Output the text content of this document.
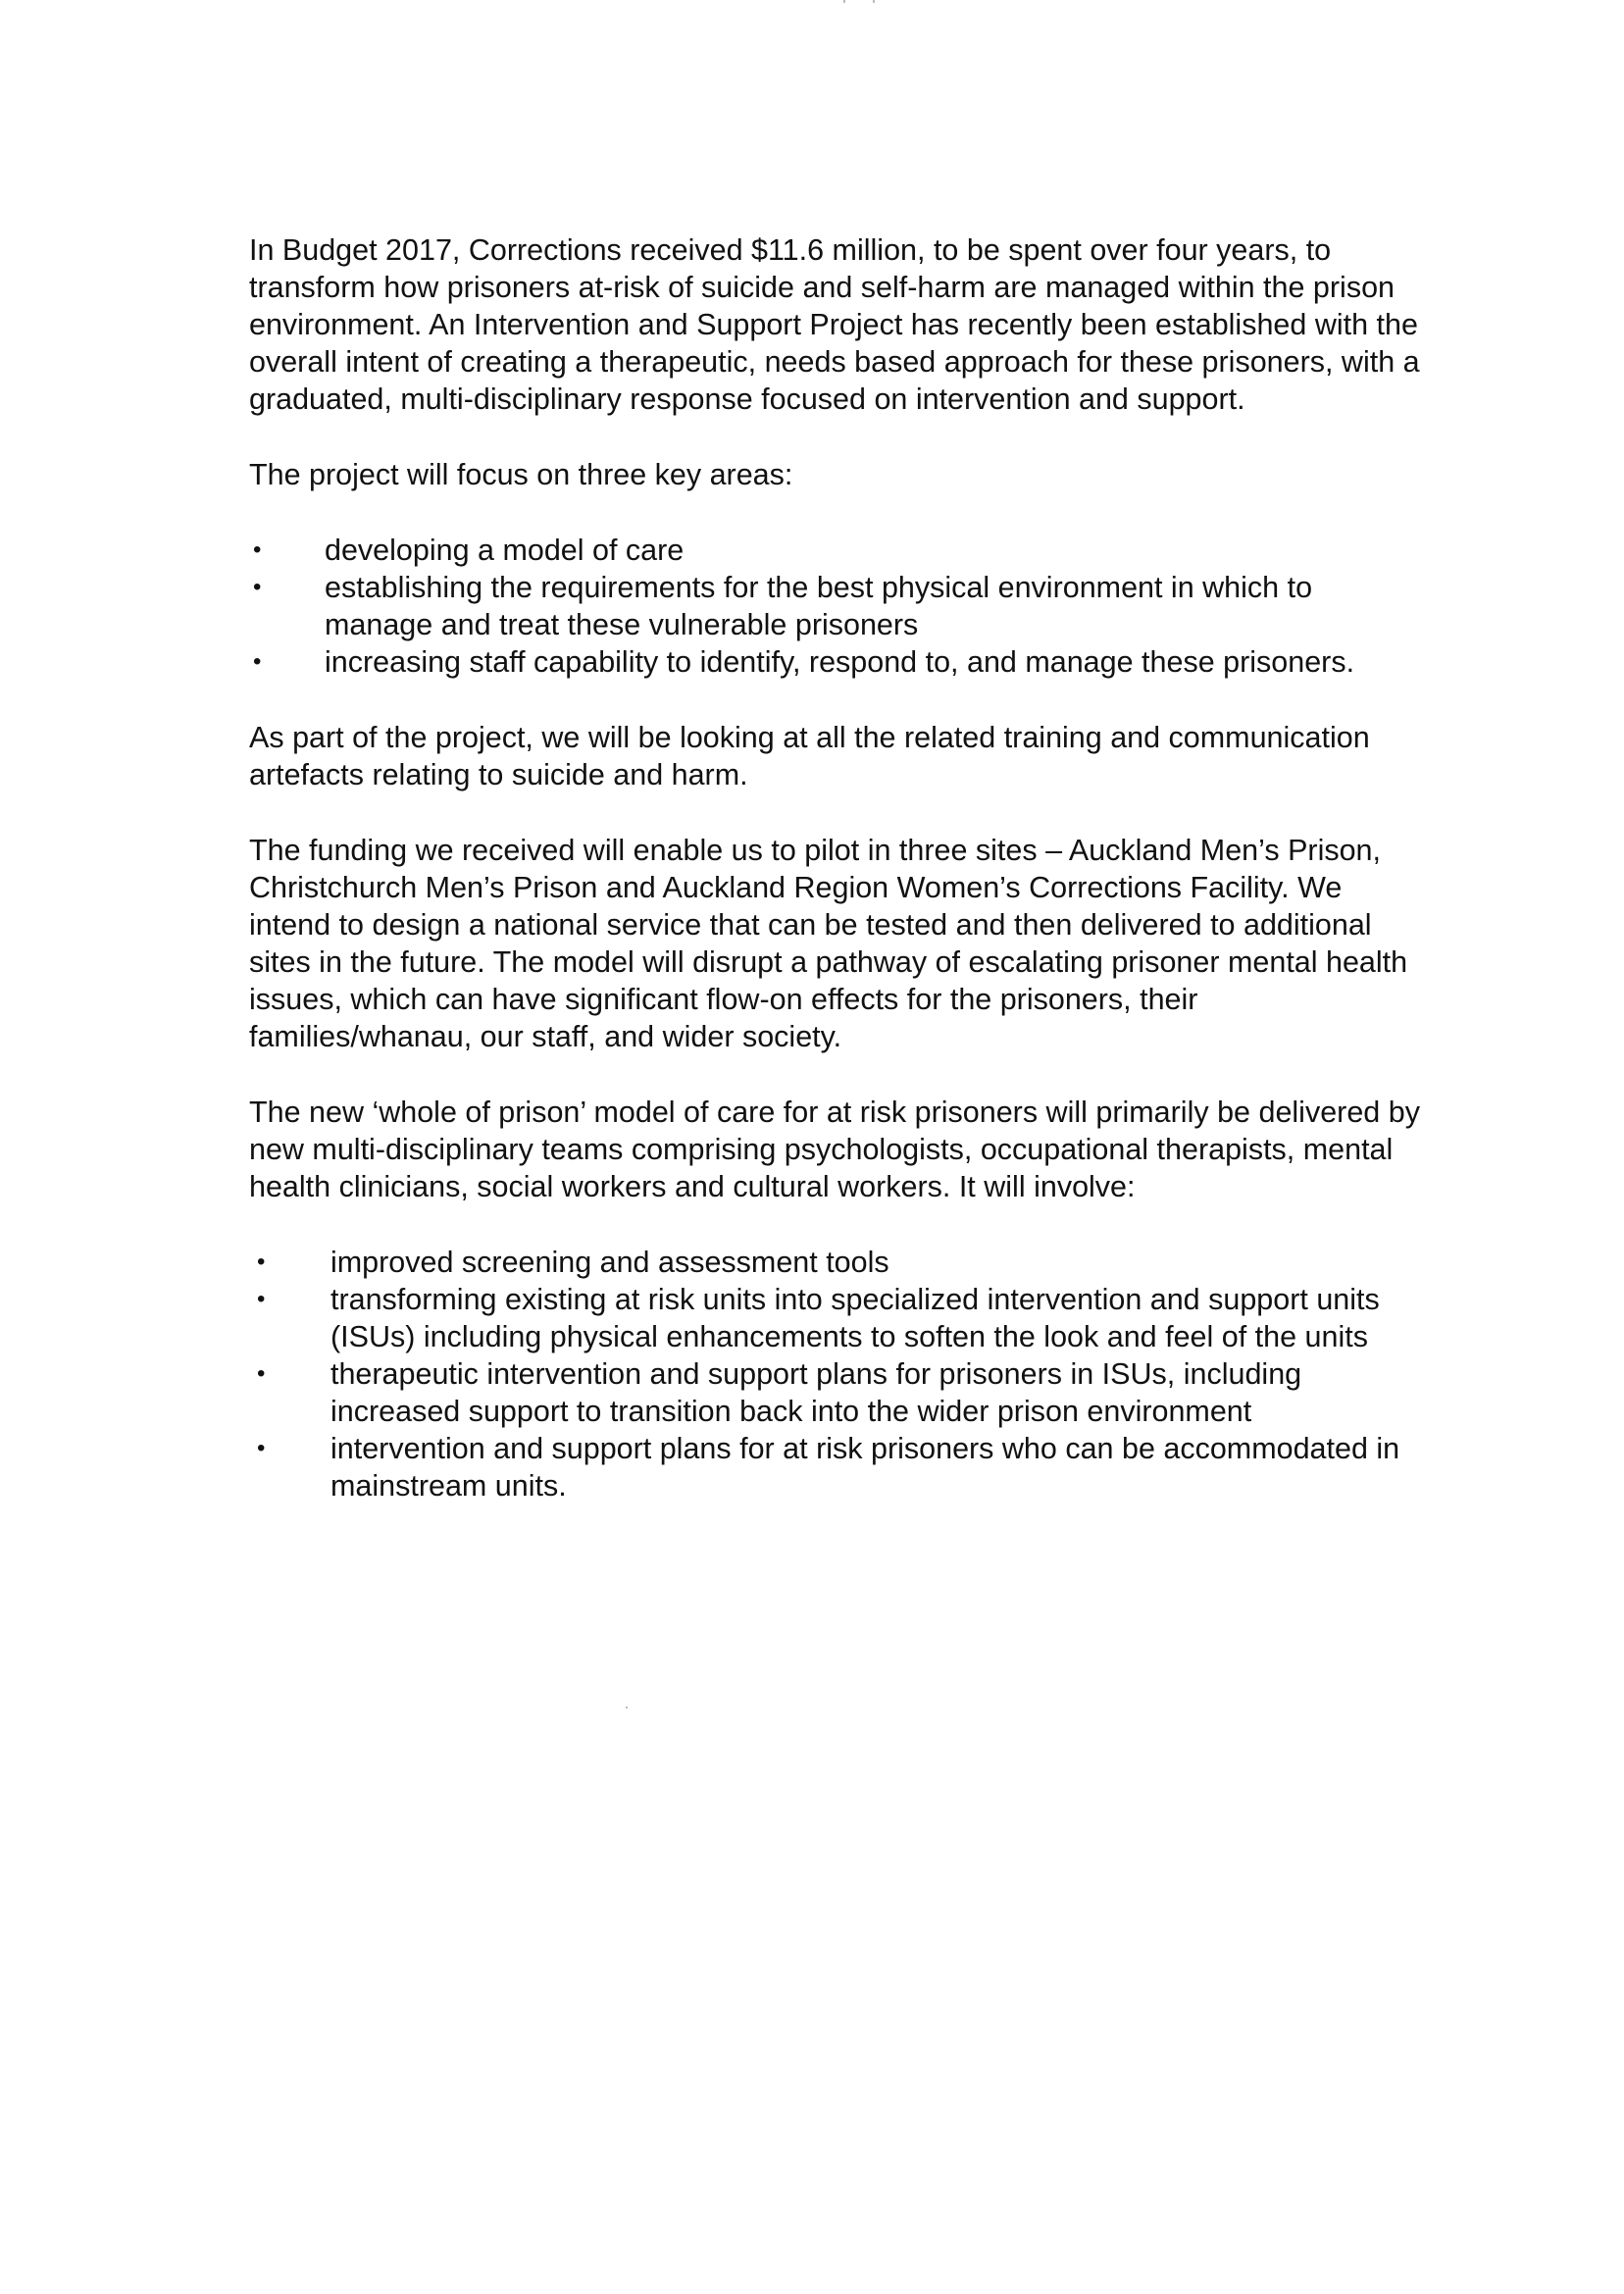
In Budget 2017, Corrections received $11.6 million, to be spent over four years, to transform how prisoners at-risk of suicide and self-harm are managed within the prison environment. An Intervention and Support Project has recently been established with the overall intent of creating a therapeutic, needs based approach for these prisoners, with a graduated, multi-disciplinary response focused on intervention and support.

The project will focus on three key areas:

•	developing a model of care
•	establishing the requirements for the best physical environment in which to manage and treat these vulnerable prisoners
•	increasing staff capability to identify, respond to, and manage these prisoners.

As part of the project, we will be looking at all the related training and communication artefacts relating to suicide and harm.

The funding we received will enable us to pilot in three sites – Auckland Men’s Prison, Christchurch Men’s Prison and Auckland Region Women’s Corrections Facility. We intend to design a national service that can be tested and then delivered to additional sites in the future. The model will disrupt a pathway of escalating prisoner mental health issues, which can have significant flow-on effects for the prisoners, their families/whanau, our staff, and wider society.

The new ‘whole of prison’ model of care for at risk prisoners will primarily be delivered by new multi-disciplinary teams comprising psychologists, occupational therapists, mental health clinicians, social workers and cultural workers. It will involve:

•	improved screening and assessment tools
•	transforming existing at risk units into specialized intervention and support units (ISUs) including physical enhancements to soften the look and feel of the units
•	therapeutic intervention and support plans for prisoners in ISUs, including increased support to transition back into the wider prison environment
•	intervention and support plans for at risk prisoners who can be accommodated in mainstream units.
